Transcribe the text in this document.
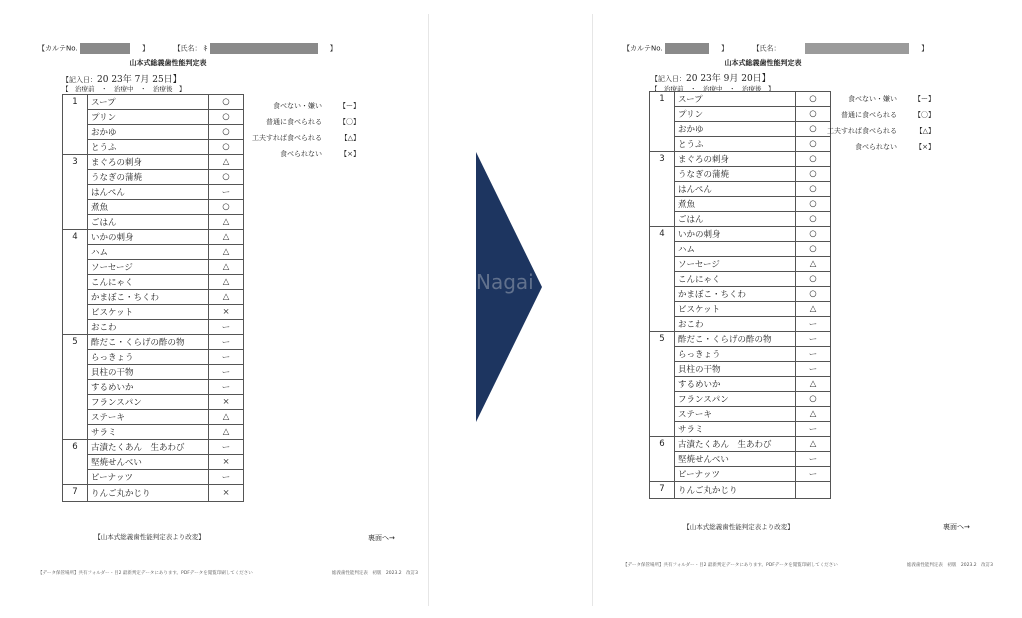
【カルテNo.	】	【氏名： ｷ	】
山本式総義歯性能判定表
【記入日：20 23年 7月 25日】
【　治療前　・　治療中　・　治療後　】
1	スープ	○
	プリン	○
	おかゆ	○
	とうふ	○
3	まぐろの刺身	△
	うなぎの蒲焼	○
	はんぺん	ー
	煮魚	○
	ごはん	△
4	いかの刺身	△
	ハム	△
	ソーセージ	△
	こんにゃく	△
	かまぼこ・ちくわ	△
	ビスケット	×
	おこわ	ー
5	酢だこ・くらげの酢の物	ー
	らっきょう	ー
	貝柱の干物	ー
	するめいか	ー
	フランスパン	×
	ステーキ	△
	サラミ	△
6	古漬たくあん　生あわび	ー
	堅焼せんべい	×
	ピーナッツ	ー
7	りんご丸かじり	×
食べない・嫌い	【ー】
普通に食べられる	【〇】
工夫すれば食べられる	【△】
食べられない	【×】
【山本式総義歯性能判定表より改変】	裏面へ→
【データ保管場所】共有フォルダー・目2 最新判定データにあります。PDFデータを閲覧印刷してください	総義歯性能判定表　初版　2023.2　改訂3
Nagai
【カルテNo.	】	【氏名：	】
山本式総義歯性能判定表
【記入日：20 23年 9月 20日】
【　治療前　・　治療中　・　治療後　】
1	スープ	○
	プリン	○
	おかゆ	○
	とうふ	○
3	まぐろの刺身	○
	うなぎの蒲焼	○
	はんぺん	○
	煮魚	○
	ごはん	○
4	いかの刺身	○
	ハム	○
	ソーセージ	△
	こんにゃく	○
	かまぼこ・ちくわ	○
	ビスケット	△
	おこわ	ー
5	酢だこ・くらげの酢の物	ー
	らっきょう	ー
	貝柱の干物	ー
	するめいか	△
	フランスパン	○
	ステーキ	△
	サラミ	ー
6	古漬たくあん　生あわび	△
	堅焼せんべい	ー
	ピーナッツ	ー
7	りんご丸かじり	
食べない・嫌い	【ー】
普通に食べられる	【〇】
工夫すれば食べられる	【△】
食べられない	【×】
【山本式総義歯性能判定表より改変】	裏面へ→
【データ保管場所】共有フォルダー・目2 最新判定データにあります。PDFデータを閲覧印刷してください	総義歯性能判定表　初版　2023.2　改訂3
